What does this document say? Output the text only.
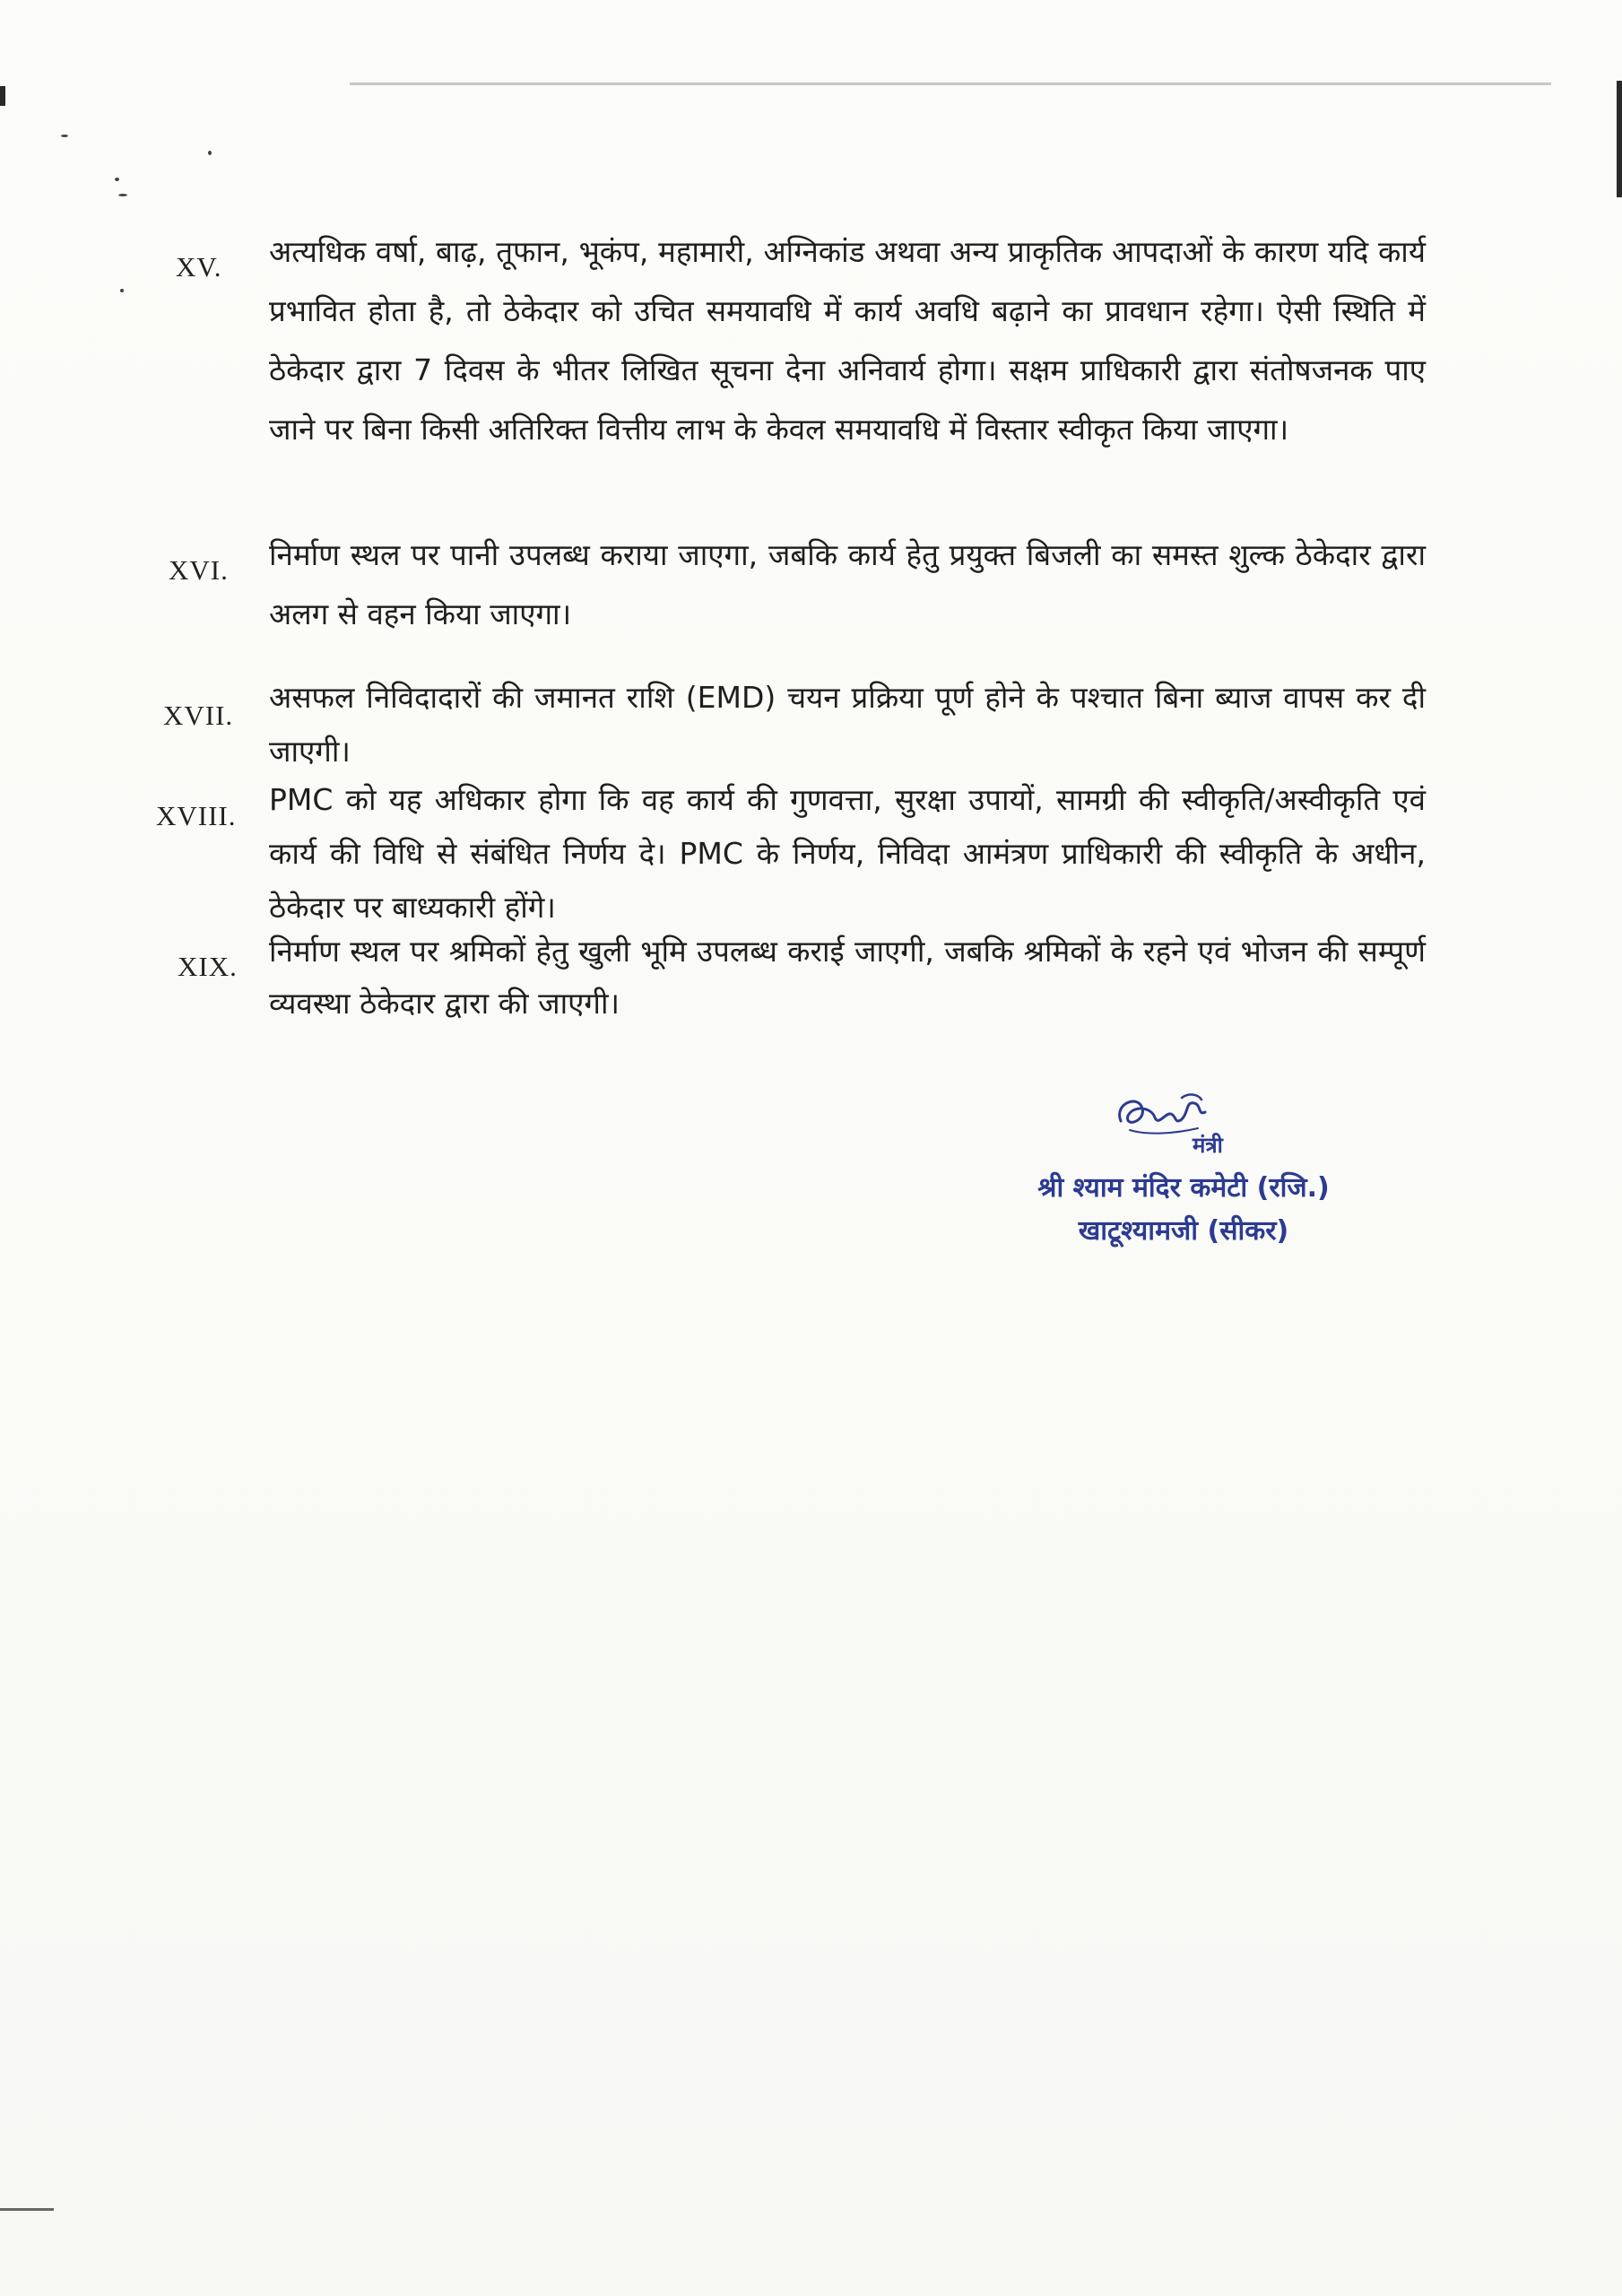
XV. अत्यधिक वर्षा, बाढ़, तूफान, भूकंप, महामारी, अग्निकांड अथवा अन्य प्राकृतिक आपदाओं के कारण यदि कार्य प्रभावित होता है, तो ठेकेदार को उचित समयावधि में कार्य अवधि बढ़ाने का प्रावधान रहेगा। ऐसी स्थिति में ठेकेदार द्वारा 7 दिवस के भीतर लिखित सूचना देना अनिवार्य होगा। सक्षम प्राधिकारी द्वारा संतोषजनक पाए जाने पर बिना किसी अतिरिक्त वित्तीय लाभ के केवल समयावधि में विस्तार स्वीकृत किया जाएगा।
XVI. निर्माण स्थल पर पानी उपलब्ध कराया जाएगा, जबकि कार्य हेतु प्रयुक्त बिजली का समस्त शुल्क ठेकेदार द्वारा अलग से वहन किया जाएगा।
XVII.
असफल निविदादारों की जमानत राशि (EMD) चयन प्रक्रिया पूर्ण होने के पश्चात बिना ब्याज वापस कर दी जाएगी।
XVIII. PMC को यह अधिकार होगा कि वह कार्य की गुणवत्ता, सुरक्षा उपायों, सामग्री की स्वीकृति/अस्वीकृति एवं कार्य की विधि से संबंधित निर्णय दे। PMC के निर्णय, निविदा आमंत्रण प्राधिकारी की स्वीकृति के अधीन, ठेकेदार पर बाध्यकारी होंगे।
XIX. निर्माण स्थल पर श्रमिकों हेतु खुली भूमि उपलब्ध कराई जाएगी, जबकि श्रमिकों के रहने एवं भोजन की सम्पूर्ण व्यवस्था ठेकेदार द्वारा की जाएगी।
मंत्री
श्री श्याम मंदिर कमेटी (रजि.)
खाटूश्यामजी (सीकर)
